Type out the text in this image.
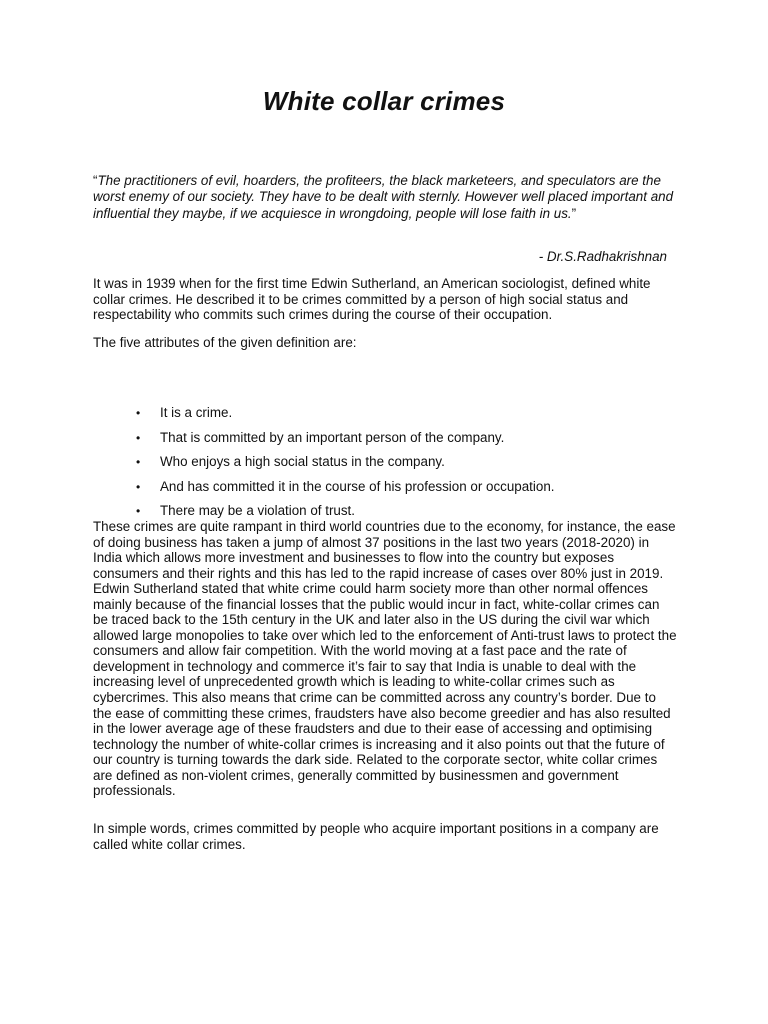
White collar crimes

“The practitioners of evil, hoarders, the profiteers, the black marketeers, and speculators are the worst enemy of our society. They have to be dealt with sternly. However well placed important and influential they maybe, if we acquiesce in wrongdoing, people will lose faith in us.”

- Dr.S.Radhakrishnan

It was in 1939 when for the first time Edwin Sutherland, an American sociologist, defined white collar crimes. He described it to be crimes committed by a person of high social status and respectability who commits such crimes during the course of their occupation.

The five attributes of the given definition are:

• It is a crime.
• That is committed by an important person of the company.
• Who enjoys a high social status in the company.
• And has committed it in the course of his profession or occupation.
• There may be a violation of trust.

These crimes are quite rampant in third world countries due to the economy, for instance, the ease of doing business has taken a jump of almost 37 positions in the last two years (2018-2020) in India which allows more investment and businesses to flow into the country but exposes consumers and their rights and this has led to the rapid increase of cases over 80% just in 2019. Edwin Sutherland stated that white crime could harm society more than other normal offences mainly because of the financial losses that the public would incur in fact, white-collar crimes can be traced back to the 15th century in the UK and later also in the US during the civil war which allowed large monopolies to take over which led to the enforcement of Anti-trust laws to protect the consumers and allow fair competition. With the world moving at a fast pace and the rate of development in technology and commerce it’s fair to say that India is unable to deal with the increasing level of unprecedented growth which is leading to white-collar crimes such as cybercrimes. This also means that crime can be committed across any country’s border. Due to the ease of committing these crimes, fraudsters have also become greedier and has also resulted in the lower average age of these fraudsters and due to their ease of accessing and optimising technology the number of white-collar crimes is increasing and it also points out that the future of our country is turning towards the dark side. Related to the corporate sector, white collar crimes are defined as non-violent crimes, generally committed by businessmen and government professionals.

In simple words, crimes committed by people who acquire important positions in a company are called white collar crimes.
